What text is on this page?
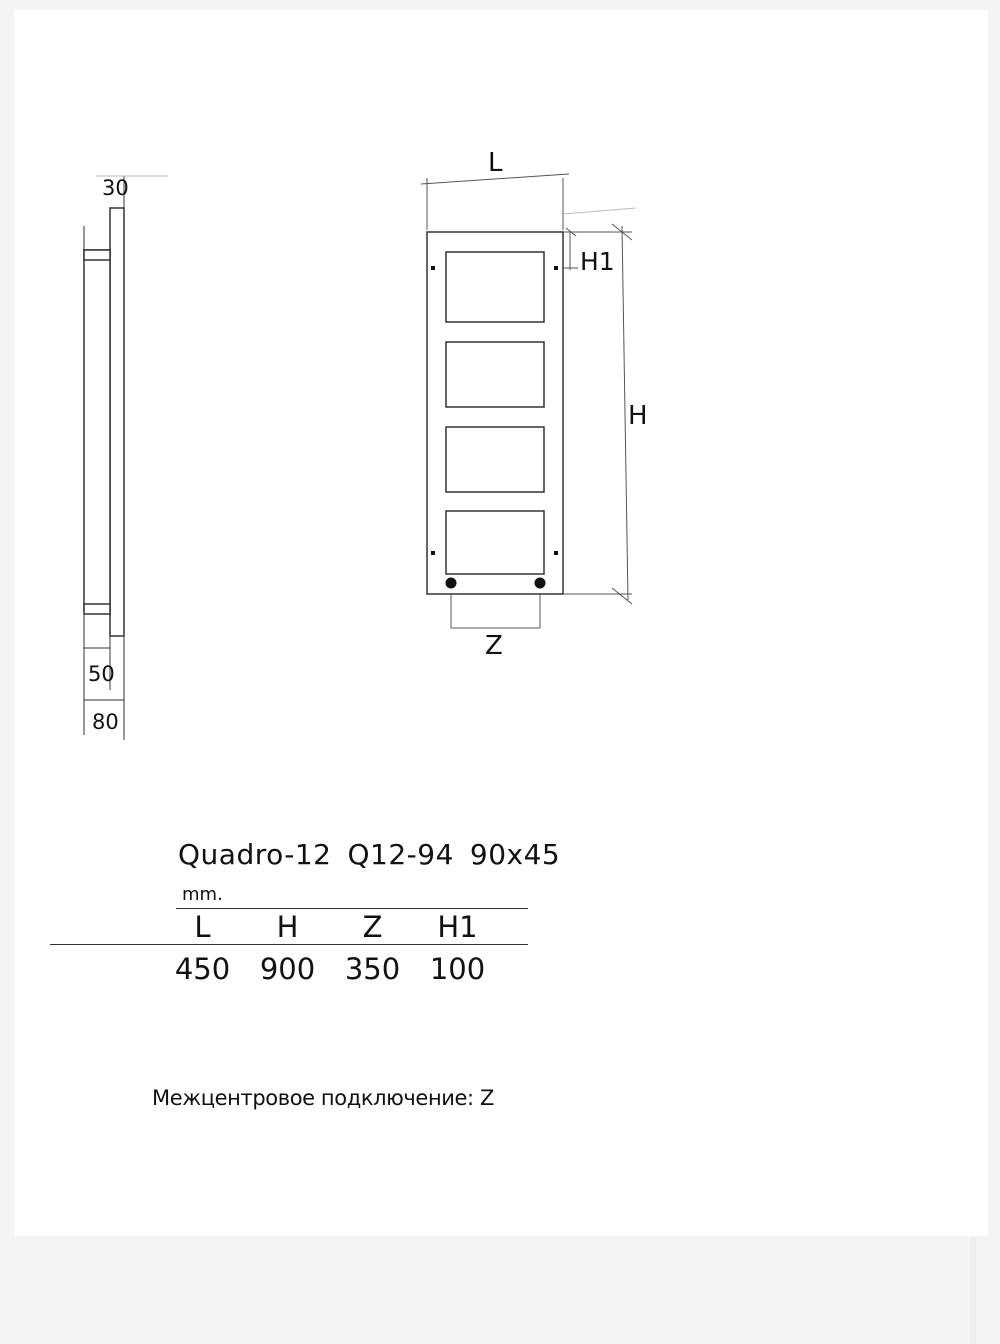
30
50
80
L
H
H1
Z
Quadro-12 Q12-94 90x45
mm.
L	H	Z	H1
450	900	350	100
Межцентровое подключение: Z
